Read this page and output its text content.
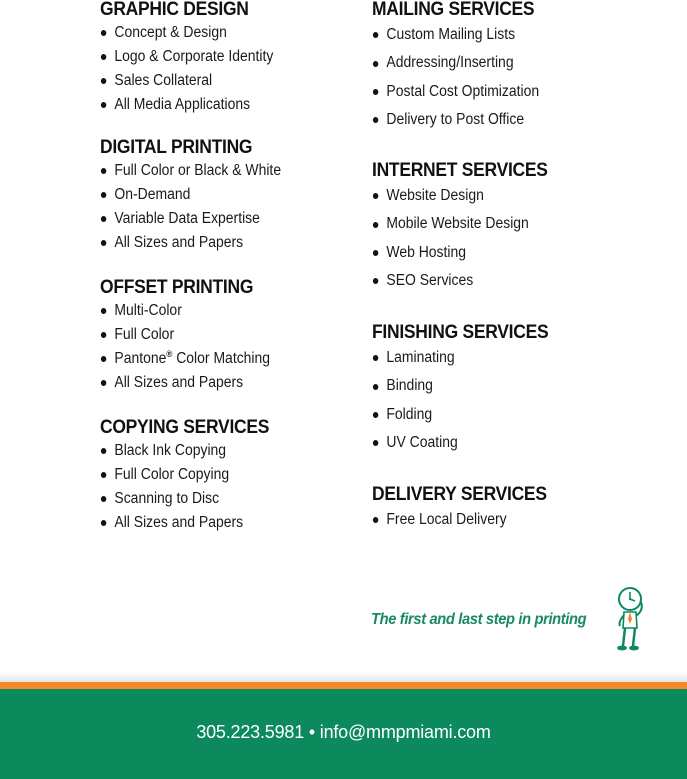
GRAPHIC DESIGN
Concept & Design
Logo & Corporate Identity
Sales Collateral
All Media Applications
DIGITAL PRINTING
Full Color or Black & White
On-Demand
Variable Data Expertise
All Sizes and Papers
OFFSET PRINTING
Multi-Color
Full Color
Pantone® Color Matching
All Sizes and Papers
COPYING SERVICES
Black Ink Copying
Full Color Copying
Scanning to Disc
All Sizes and Papers
MAILING SERVICES
Custom Mailing Lists
Addressing/Inserting
Postal Cost Optimization
Delivery to Post Office
INTERNET SERVICES
Website Design
Mobile Website Design
Web Hosting
SEO Services
FINISHING SERVICES
Laminating
Binding
Folding
UV Coating
DELIVERY SERVICES
Free Local Delivery
The first and last step in printing
305.223.5981 • info@mmpmiami.com
